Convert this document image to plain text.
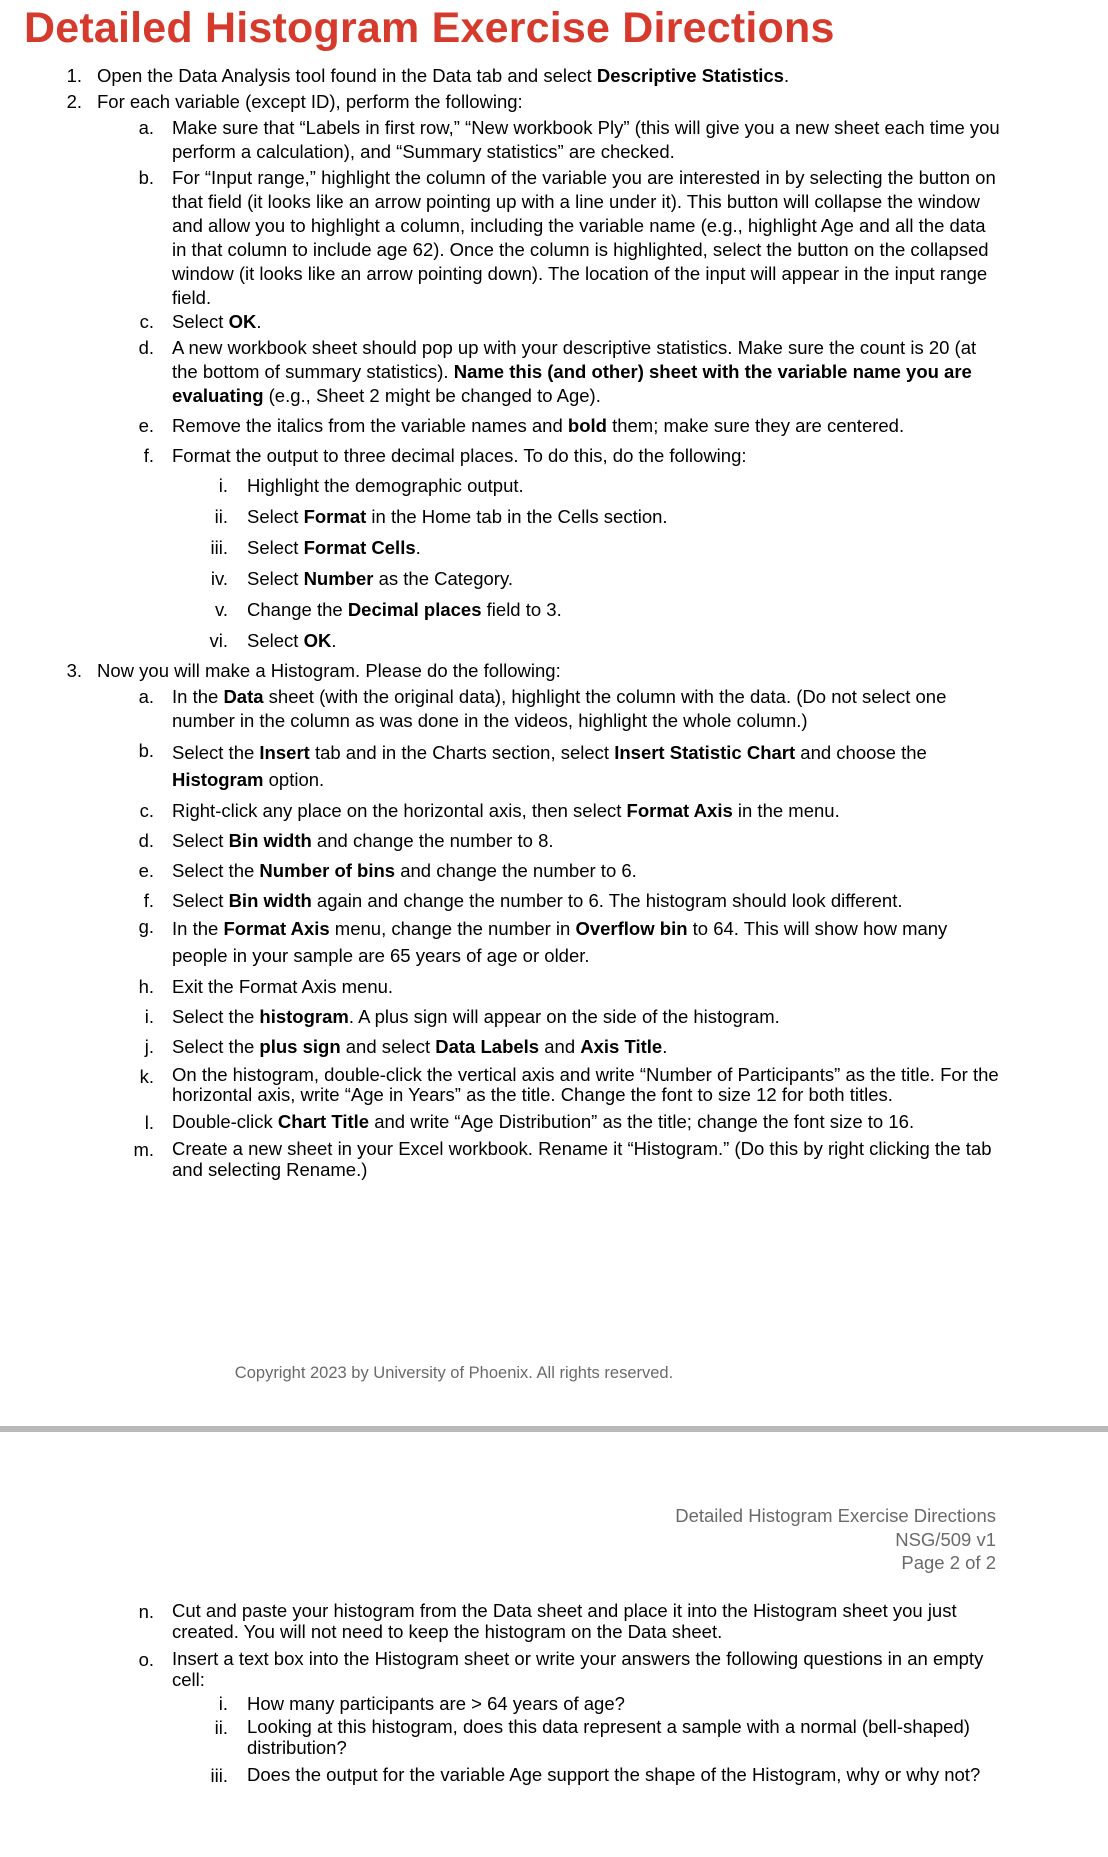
Detailed Histogram Exercise Directions
1. Open the Data Analysis tool found in the Data tab and select Descriptive Statistics.
2. For each variable (except ID), perform the following:
a. Make sure that “Labels in first row,” “New workbook Ply” (this will give you a new sheet each time you perform a calculation), and “Summary statistics” are checked.
b. For “Input range,” highlight the column of the variable you are interested in by selecting the button on that field (it looks like an arrow pointing up with a line under it). This button will collapse the window and allow you to highlight a column, including the variable name (e.g., highlight Age and all the data in that column to include age 62). Once the column is highlighted, select the button on the collapsed window (it looks like an arrow pointing down). The location of the input will appear in the input range field.
c. Select OK.
d. A new workbook sheet should pop up with your descriptive statistics. Make sure the count is 20 (at the bottom of summary statistics). Name this (and other) sheet with the variable name you are evaluating (e.g., Sheet 2 might be changed to Age).
e. Remove the italics from the variable names and bold them; make sure they are centered.
f. Format the output to three decimal places. To do this, do the following:
i. Highlight the demographic output.
ii. Select Format in the Home tab in the Cells section.
iii. Select Format Cells.
iv. Select Number as the Category.
v. Change the Decimal places field to 3.
vi. Select OK.
3. Now you will make a Histogram. Please do the following:
a. In the Data sheet (with the original data), highlight the column with the data. (Do not select one number in the column as was done in the videos, highlight the whole column.)
b. Select the Insert tab and in the Charts section, select Insert Statistic Chart and choose the Histogram option.
c. Right-click any place on the horizontal axis, then select Format Axis in the menu.
d. Select Bin width and change the number to 8.
e. Select the Number of bins and change the number to 6.
f. Select Bin width again and change the number to 6. The histogram should look different.
g. In the Format Axis menu, change the number in Overflow bin to 64. This will show how many people in your sample are 65 years of age or older.
h. Exit the Format Axis menu.
i. Select the histogram. A plus sign will appear on the side of the histogram.
j. Select the plus sign and select Data Labels and Axis Title.
k. On the histogram, double-click the vertical axis and write “Number of Participants” as the title. For the horizontal axis, write “Age in Years” as the title. Change the font to size 12 for both titles.
l. Double-click Chart Title and write “Age Distribution” as the title; change the font size to 16.
m. Create a new sheet in your Excel workbook. Rename it “Histogram.” (Do this by right clicking the tab and selecting Rename.)
Copyright 2023 by University of Phoenix. All rights reserved.
Detailed Histogram Exercise Directions
NSG/509 v1
Page 2 of 2
n. Cut and paste your histogram from the Data sheet and place it into the Histogram sheet you just created. You will not need to keep the histogram on the Data sheet.
o. Insert a text box into the Histogram sheet or write your answers the following questions in an empty cell:
i. How many participants are > 64 years of age?
ii. Looking at this histogram, does this data represent a sample with a normal (bell-shaped) distribution?
iii. Does the output for the variable Age support the shape of the Histogram, why or why not?
